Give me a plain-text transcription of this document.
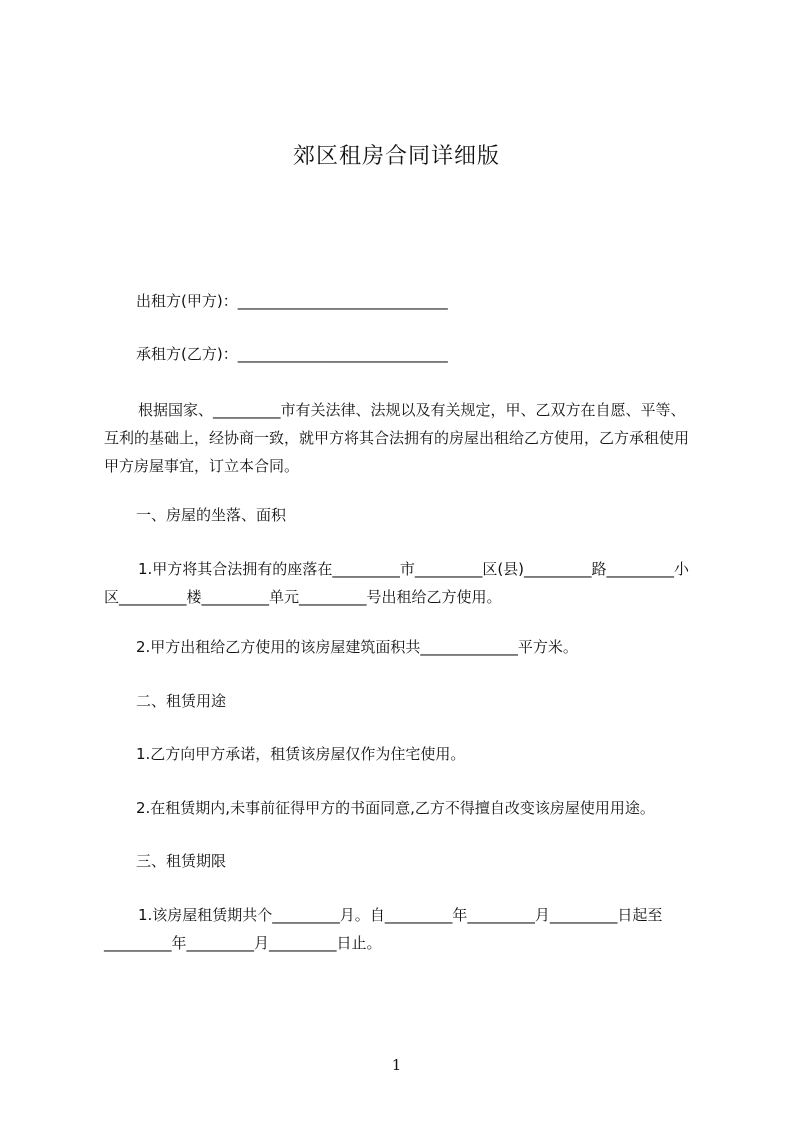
郊区租房合同详细版
出租方(甲方)：____________________________
承租方(乙方)：____________________________
根据国家、_________市有关法律、法规以及有关规定，甲、乙双方在自愿、平等、互利的基础上，经协商一致，就甲方将其合法拥有的房屋出租给乙方使用，乙方承租使用甲方房屋事宜，订立本合同。
一、房屋的坐落、面积
1.甲方将其合法拥有的座落在_________市_________区(县)_________路_________小区_________楼_________单元_________号出租给乙方使用。
2.甲方出租给乙方使用的该房屋建筑面积共_____________平方米。
二、租赁用途
1.乙方向甲方承诺，租赁该房屋仅作为住宅使用。
2.在租赁期内,未事前征得甲方的书面同意,乙方不得擅自改变该房屋使用用途。
三、租赁期限
1.该房屋租赁期共个_________月。自_________年_________月_________日起至_________年_________月_________日止。
1
